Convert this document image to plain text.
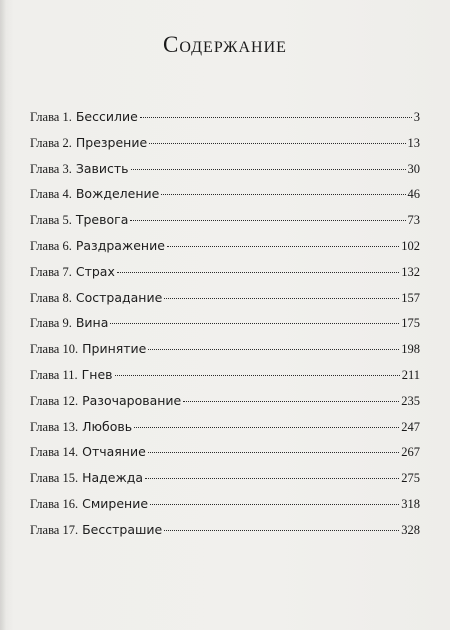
Содержание
Глава 1. Бессилие	3
Глава 2. Презрение	13
Глава 3. Зависть	30
Глава 4. Вожделение	46
Глава 5. Тревога	73
Глава 6. Раздражение	102
Глава 7. Страх	132
Глава 8. Сострадание	157
Глава 9. Вина	175
Глава 10. Принятие	198
Глава 11. Гнев	211
Глава 12. Разочарование	235
Глава 13. Любовь	247
Глава 14. Отчаяние	267
Глава 15. Надежда	275
Глава 16. Смирение	318
Глава 17. Бесстрашие	328
